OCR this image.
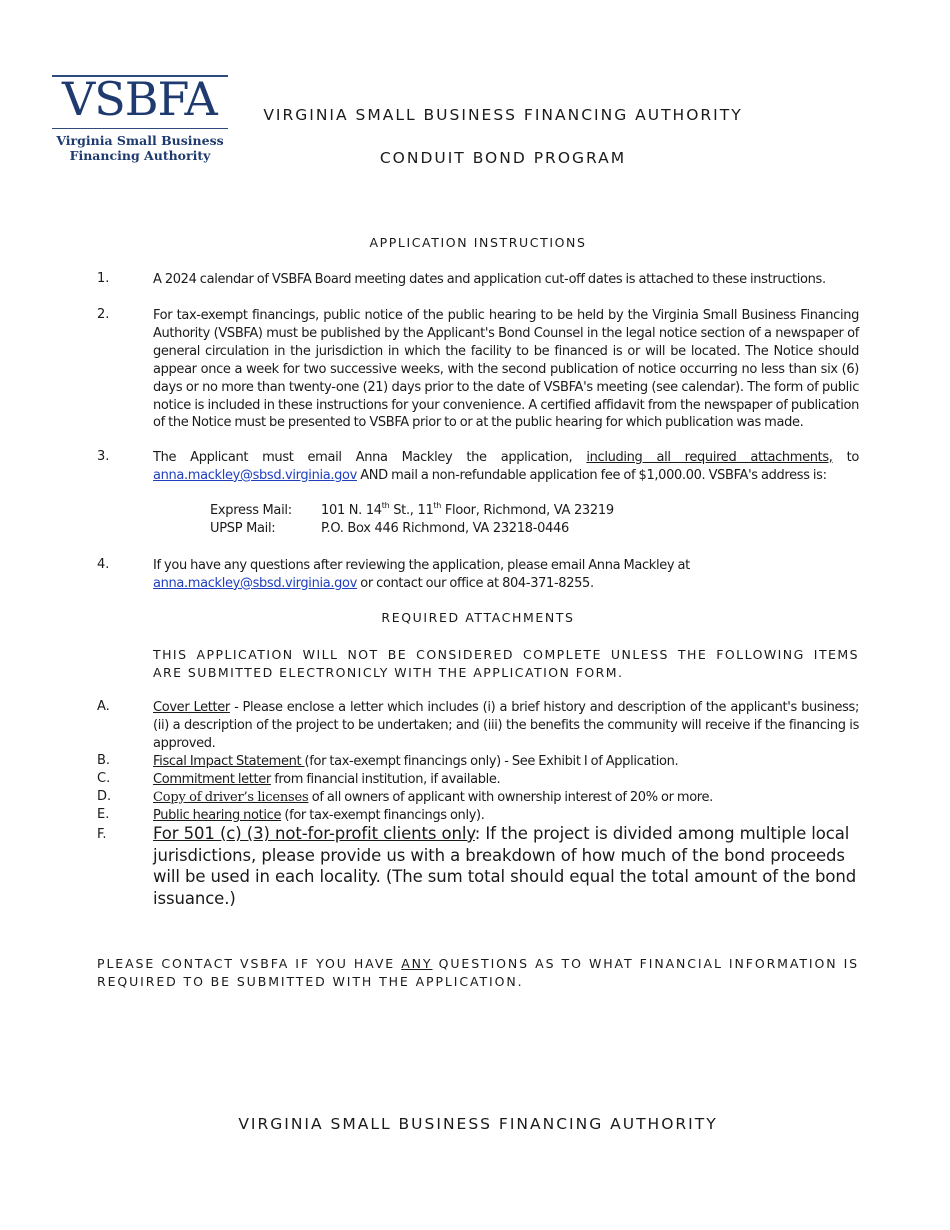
VSBFA
Virginia Small Business
Financing Authority
VIRGINIA SMALL BUSINESS FINANCING AUTHORITY
CONDUIT BOND PROGRAM
APPLICATION INSTRUCTIONS
1.	A 2024 calendar of VSBFA Board meeting dates and application cut-off dates is attached to these instructions.
2.	For tax-exempt financings, public notice of the public hearing to be held by the Virginia Small Business Financing Authority (VSBFA) must be published by the Applicant's Bond Counsel in the legal notice section of a newspaper of general circulation in the jurisdiction in which the facility to be financed is or will be located. The Notice should appear once a week for two successive weeks, with the second publication of notice occurring no less than six (6) days or no more than twenty-one (21) days prior to the date of VSBFA's meeting (see calendar). The form of public notice is included in these instructions for your convenience. A certified affidavit from the newspaper of publication of the Notice must be presented to VSBFA prior to or at the public hearing for which publication was made.
3.	The Applicant must email Anna Mackley the application, including all required attachments, to anna.mackley@sbsd.virginia.gov AND mail a non-refundable application fee of $1,000.00. VSBFA's address is:
Express Mail: 101 N. 14th St., 11th Floor, Richmond, VA 23219
UPSP Mail:	P.O. Box 446 Richmond, VA 23218-0446
4.	If you have any questions after reviewing the application, please email Anna Mackley at
anna.mackley@sbsd.virginia.gov or contact our office at 804-371-8255.
REQUIRED ATTACHMENTS
THIS APPLICATION WILL NOT BE CONSIDERED COMPLETE UNLESS THE FOLLOWING ITEMS
ARE SUBMITTED ELECTRONICLY WITH THE APPLICATION FORM.
A.	Cover Letter - Please enclose a letter which includes (i) a brief history and description of the applicant's business; (ii) a description of the project to be undertaken; and (iii) the benefits the community will receive if the financing is approved.
B.	Fiscal Impact Statement (for tax-exempt financings only) - See Exhibit I of Application.
C.	Commitment letter from financial institution, if available.
D.	Copy of driver’s licenses of all owners of applicant with ownership interest of 20% or more.
E.	Public hearing notice (for tax-exempt financings only).
F.	For 501 (c) (3) not-for-profit clients only: If the project is divided among multiple local jurisdictions, please provide us with a breakdown of how much of the bond proceeds will be used in each locality. (The sum total should equal the total amount of the bond issuance.)
PLEASE CONTACT VSBFA IF YOU HAVE ANY QUESTIONS AS TO WHAT FINANCIAL INFORMATION IS REQUIRED TO BE SUBMITTED WITH THE APPLICATION.
VIRGINIA SMALL BUSINESS FINANCING AUTHORITY
